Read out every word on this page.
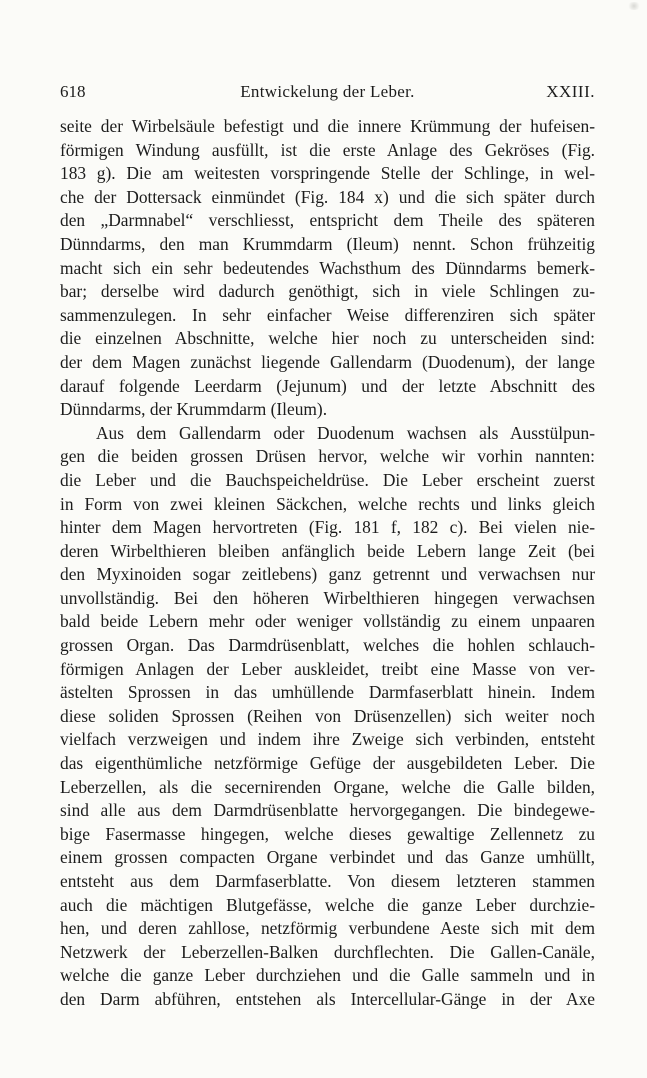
618	Entwickelung der Leber.	XXIII.
seite der Wirbelsäule befestigt und die innere Krümmung der hufeisen-
förmigen Windung ausfüllt, ist die erste Anlage des Gekröses (Fig.
183 g). Die am weitesten vorspringende Stelle der Schlinge, in wel-
che der Dottersack einmündet (Fig. 184 x) und die sich später durch
den „Darmnabel“ verschliesst, entspricht dem Theile des späteren
Dünndarms, den man Krummdarm (Ileum) nennt. Schon frühzeitig
macht sich ein sehr bedeutendes Wachsthum des Dünndarms bemerk-
bar; derselbe wird dadurch genöthigt, sich in viele Schlingen zu-
sammenzulegen. In sehr einfacher Weise differenziren sich später
die einzelnen Abschnitte, welche hier noch zu unterscheiden sind:
der dem Magen zunächst liegende Gallendarm (Duodenum), der lange
darauf folgende Leerdarm (Jejunum) und der letzte Abschnitt des
Dünndarms, der Krummdarm (Ileum).
Aus dem Gallendarm oder Duodenum wachsen als Ausstülpun-
gen die beiden grossen Drüsen hervor, welche wir vorhin nannten:
die Leber und die Bauchspeicheldrüse. Die Leber erscheint zuerst
in Form von zwei kleinen Säckchen, welche rechts und links gleich
hinter dem Magen hervortreten (Fig. 181 f, 182 c). Bei vielen nie-
deren Wirbelthieren bleiben anfänglich beide Lebern lange Zeit (bei
den Myxinoiden sogar zeitlebens) ganz getrennt und verwachsen nur
unvollständig. Bei den höheren Wirbelthieren hingegen verwachsen
bald beide Lebern mehr oder weniger vollständig zu einem unpaaren
grossen Organ. Das Darmdrüsenblatt, welches die hohlen schlauch-
förmigen Anlagen der Leber auskleidet, treibt eine Masse von ver-
ästelten Sprossen in das umhüllende Darmfaserblatt hinein. Indem
diese soliden Sprossen (Reihen von Drüsenzellen) sich weiter noch
vielfach verzweigen und indem ihre Zweige sich verbinden, entsteht
das eigenthümliche netzförmige Gefüge der ausgebildeten Leber. Die
Leberzellen, als die secernirenden Organe, welche die Galle bilden,
sind alle aus dem Darmdrüsenblatte hervorgegangen. Die bindegewe-
bige Fasermasse hingegen, welche dieses gewaltige Zellennetz zu
einem grossen compacten Organe verbindet und das Ganze umhüllt,
entsteht aus dem Darmfaserblatte. Von diesem letzteren stammen
auch die mächtigen Blutgefässe, welche die ganze Leber durchzie-
hen, und deren zahllose, netzförmig verbundene Aeste sich mit dem
Netzwerk der Leberzellen-Balken durchflechten. Die Gallen-Canäle,
welche die ganze Leber durchziehen und die Galle sammeln und in
den Darm abführen, entstehen als Intercellular-Gänge in der Axe
